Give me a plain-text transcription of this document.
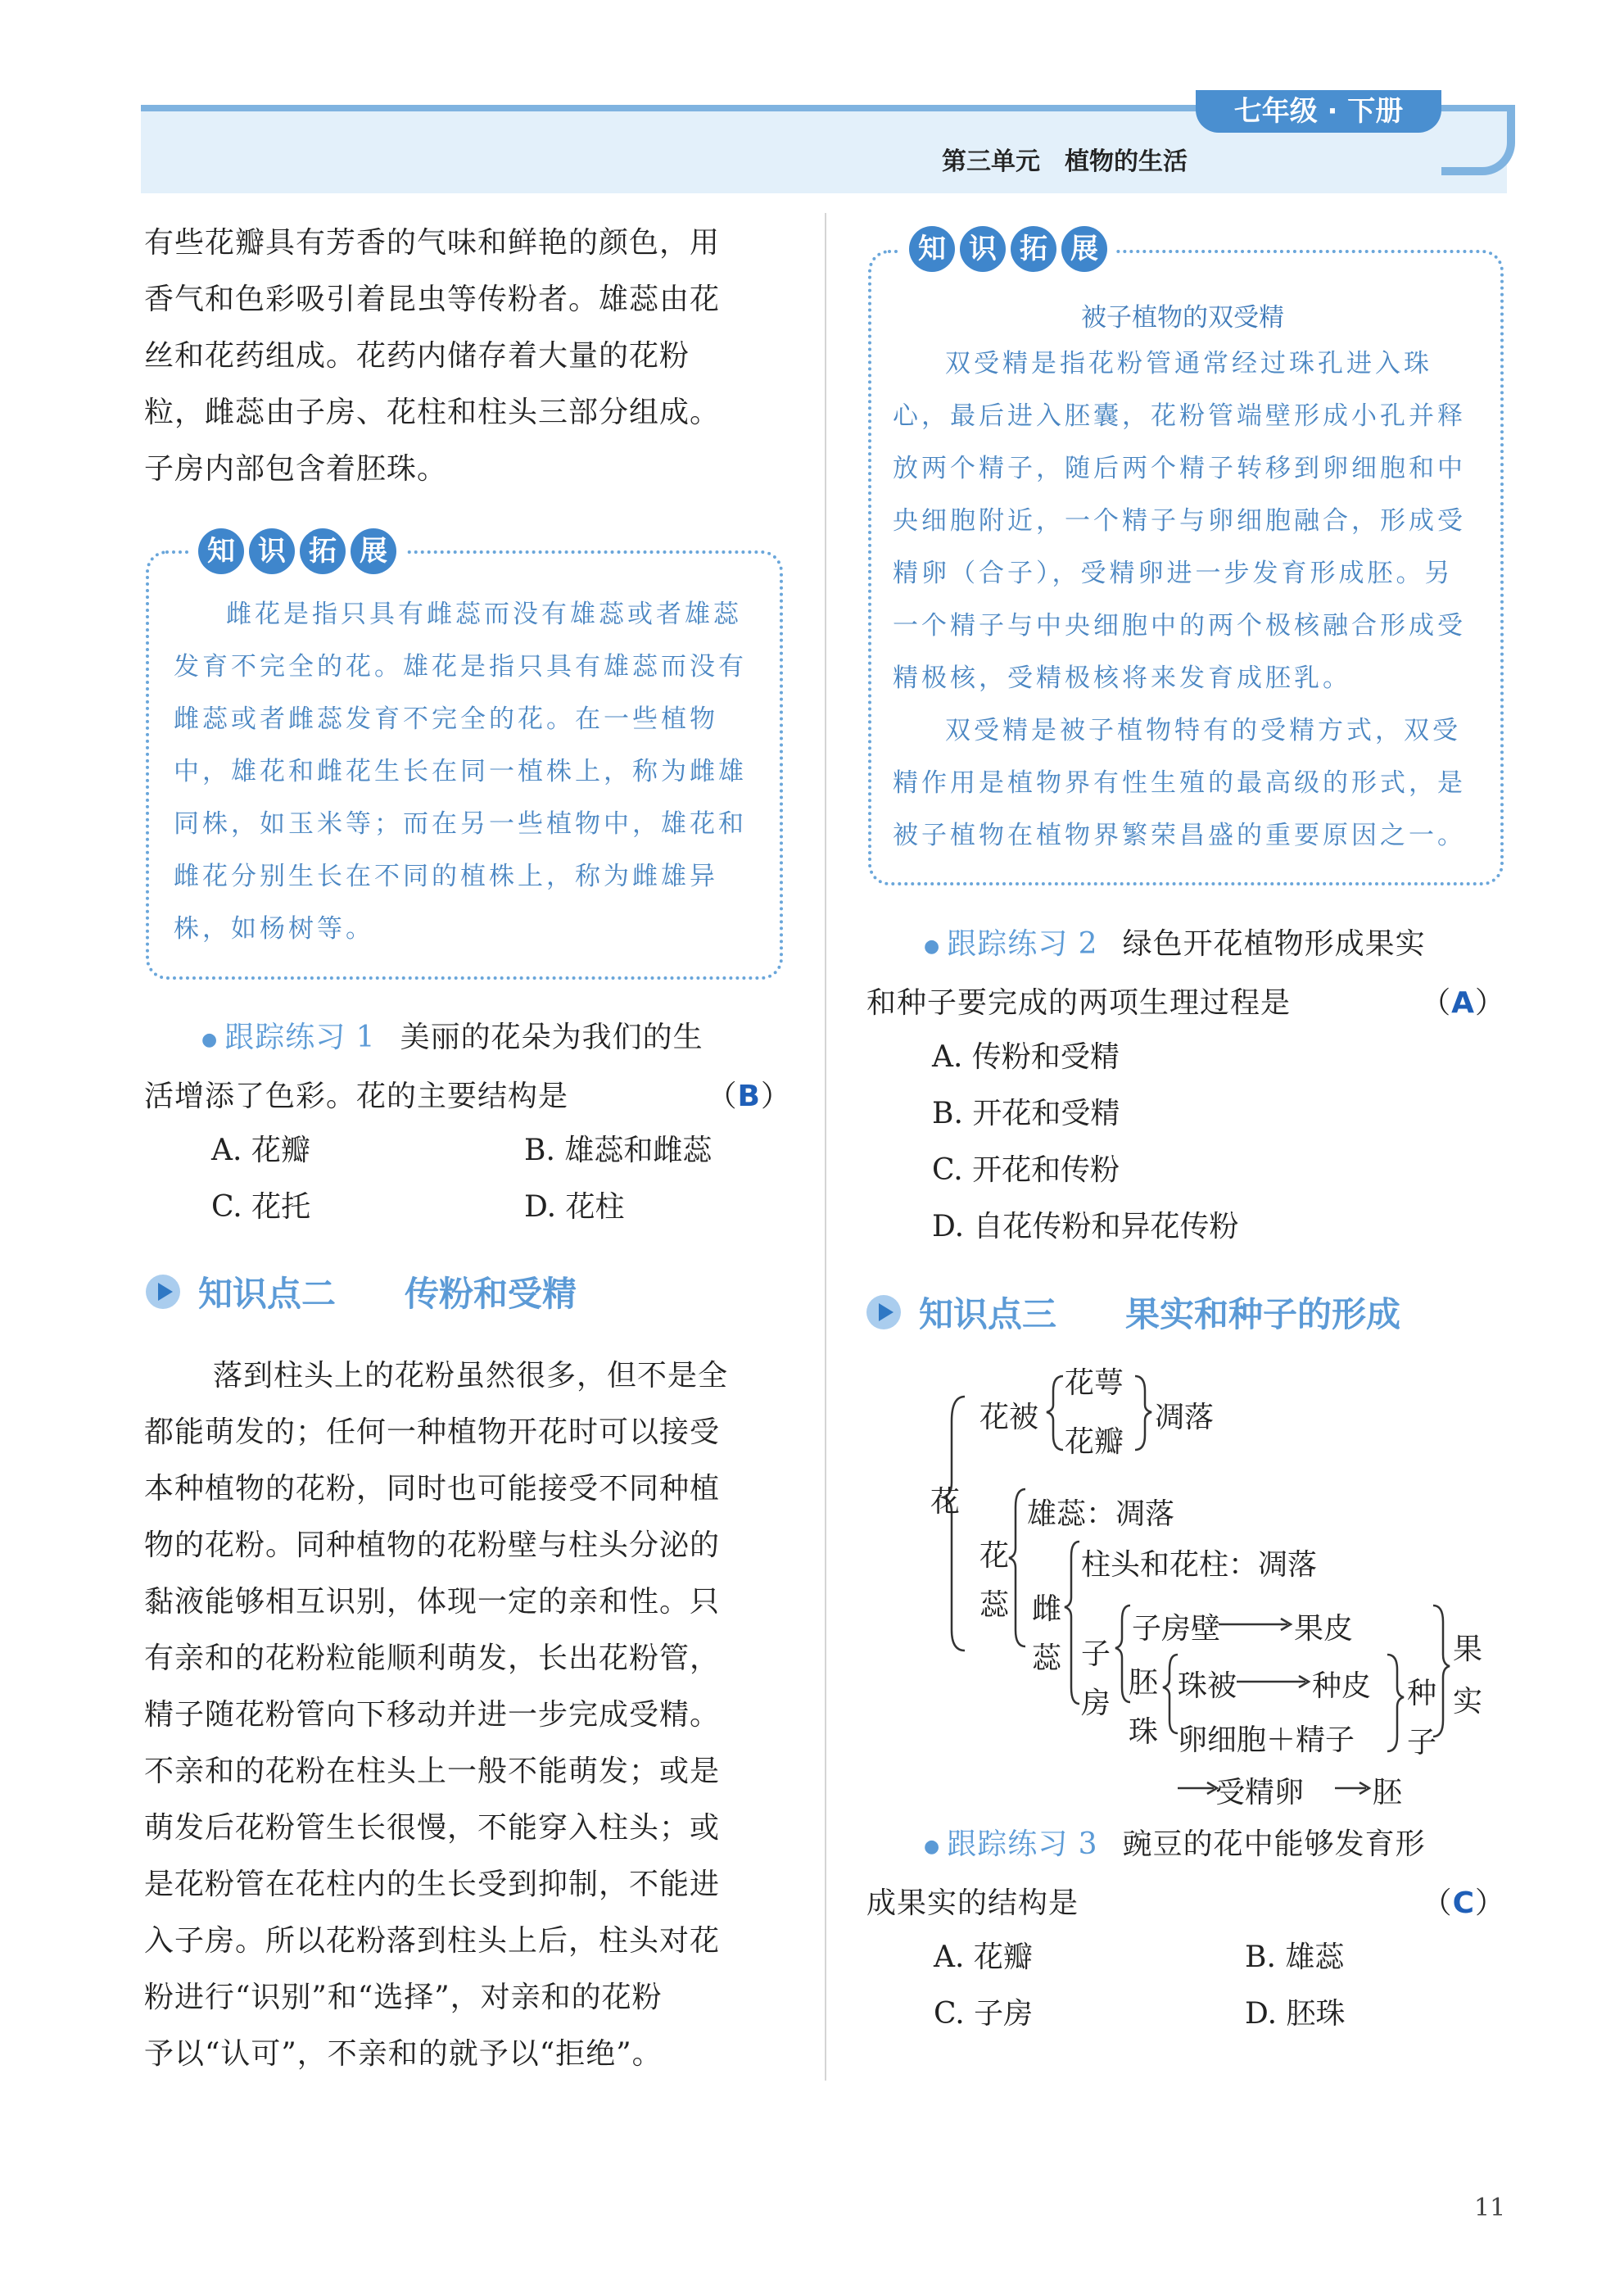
七年级 · 下册
第三单元　植物的生活
有些花瓣具有芳香的气味和鲜艳的颜色，用
香气和色彩吸引着昆虫等传粉者。雄蕊由花
丝和花药组成。花药内储存着大量的花粉
粒，雌蕊由子房、花柱和柱头三部分组成。
子房内部包含着胚珠。
知 识 拓 展
雌花是指只具有雌蕊而没有雄蕊或者雄蕊
发育不完全的花。雄花是指只具有雄蕊而没有
雌蕊或者雌蕊发育不完全的花。在一些植物
中，雄花和雌花生长在同一植株上，称为雌雄
同株，如玉米等；而在另一些植物中，雄花和
雌花分别生长在不同的植株上，称为雌雄异
株，如杨树等。
● 跟踪练习 1 美丽的花朵为我们的生
活增添了色彩。花的主要结构是	（B）
A. 花瓣	B. 雄蕊和雌蕊
C. 花托	D. 花柱
知识点二 传粉和受精
落到柱头上的花粉虽然很多，但不是全
都能萌发的；任何一种植物开花时可以接受
本种植物的花粉，同时也可能接受不同种植
物的花粉。同种植物的花粉壁与柱头分泌的
黏液能够相互识别，体现一定的亲和性。只
有亲和的花粉粒能顺利萌发，长出花粉管，
精子随花粉管向下移动并进一步完成受精。
不亲和的花粉在柱头上一般不能萌发；或是
萌发后花粉管生长很慢，不能穿入柱头；或
是花粉管在花柱内的生长受到抑制，不能进
入子房。所以花粉落到柱头上后，柱头对花
粉进行“识别”和“选择”，对亲和的花粉
予以“认可”，不亲和的就予以“拒绝”。
知 识 拓 展
被子植物的双受精
双受精是指花粉管通常经过珠孔进入珠
心，最后进入胚囊，花粉管端壁形成小孔并释
放两个精子，随后两个精子转移到卵细胞和中
央细胞附近，一个精子与卵细胞融合，形成受
精卵（合子），受精卵进一步发育形成胚。另
一个精子与中央细胞中的两个极核融合形成受
精极核，受精极核将来发育成胚乳。
双受精是被子植物特有的受精方式，双受
精作用是植物界有性生殖的最高级的形式，是
被子植物在植物界繁荣昌盛的重要原因之一。
● 跟踪练习 2 绿色开花植物形成果实
和种子要完成的两项生理过程是	（A）
A. 传粉和受精
B. 开花和受精
C. 开花和传粉
D. 自花传粉和异花传粉
知识点三 果实和种子的形成
花
花被
花萼
花瓣
凋落
花蕊
雄蕊：凋落
雌蕊
柱头和花柱：凋落
子房
子房壁 果皮
胚珠
珠被	种皮
卵细胞＋精子
受精卵 胚
种子
果实
● 跟踪练习 3 豌豆的花中能够发育形
成果实的结构是	（C）
A. 花瓣	B. 雄蕊
C. 子房	D. 胚珠
11
